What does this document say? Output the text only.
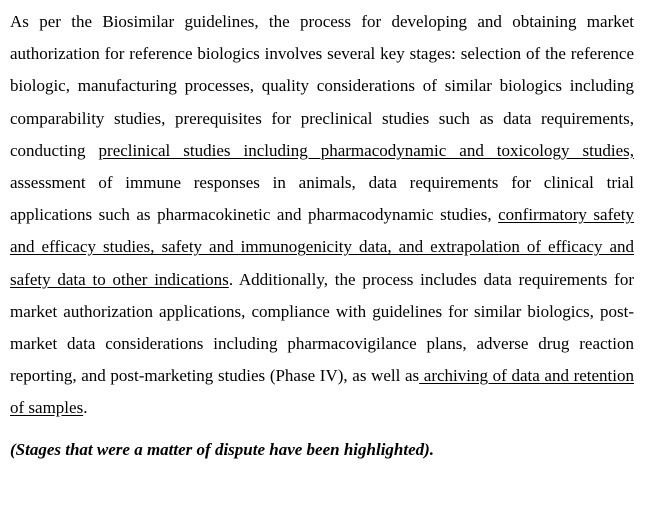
As per the Biosimilar guidelines, the process for developing and obtaining market authorization for reference biologics involves several key stages: selection of the reference biologic, manufacturing processes, quality considerations of similar biologics including comparability studies, prerequisites for preclinical studies such as data requirements, conducting preclinical studies including pharmacodynamic and toxicology studies, assessment of immune responses in animals, data requirements for clinical trial applications such as pharmacokinetic and pharmacodynamic studies, confirmatory safety and efficacy studies, safety and immunogenicity data, and extrapolation of efficacy and safety data to other indications. Additionally, the process includes data requirements for market authorization applications, compliance with guidelines for similar biologics, post-market data considerations including pharmacovigilance plans, adverse drug reaction reporting, and post-marketing studies (Phase IV), as well as archiving of data and retention of samples.

(Stages that were a matter of dispute have been highlighted).
